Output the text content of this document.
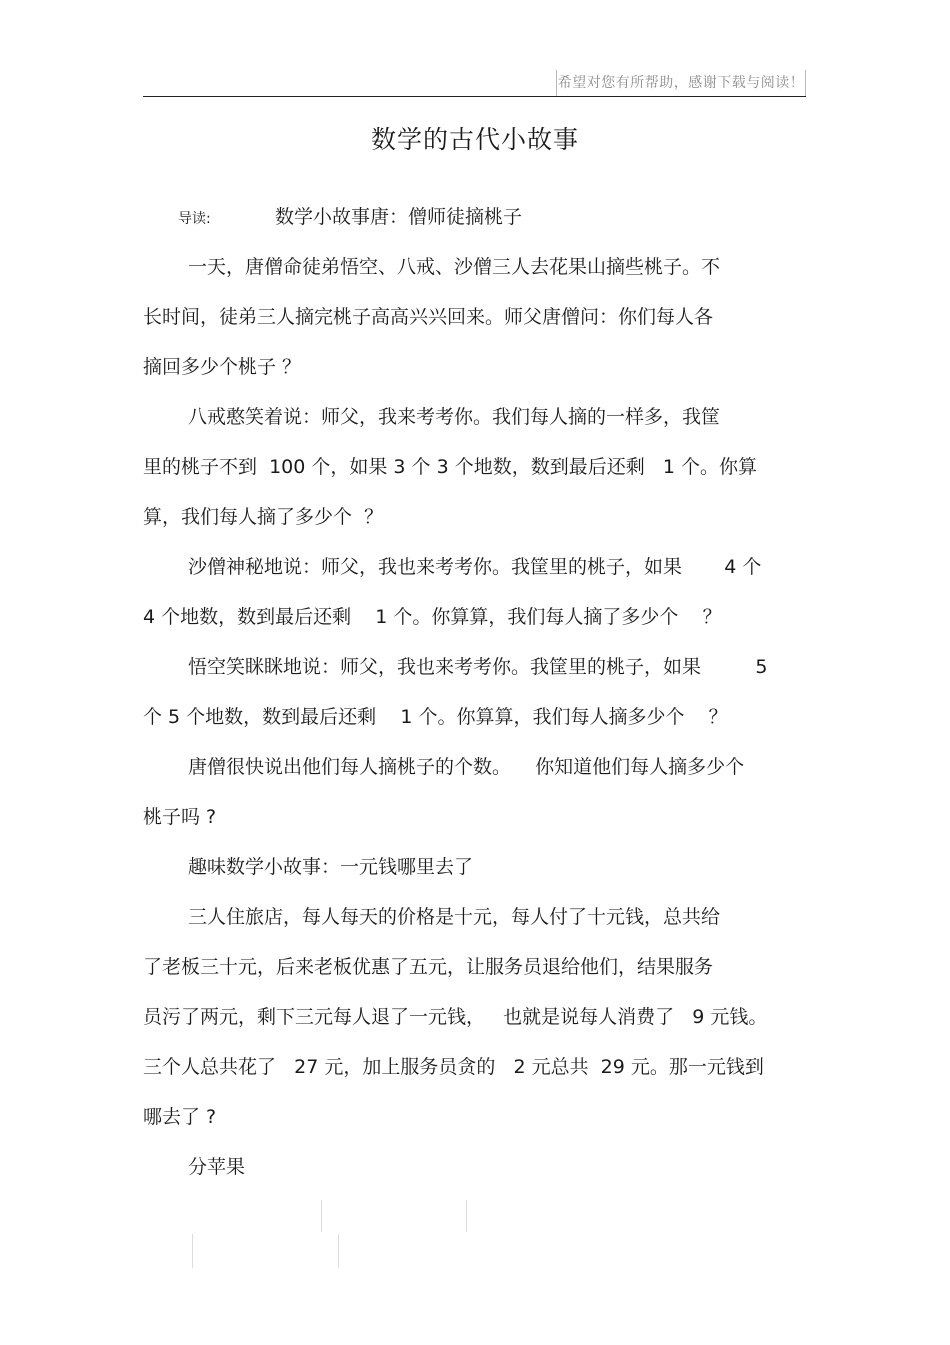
希望对您有所帮助，感谢下载与阅读！
数学的古代小故事
导读:	数学小故事唐：僧师徒摘桃子
一天，唐僧命徒弟悟空、八戒、沙僧三人去花果山摘些桃子。不
长时间，徒弟三人摘完桃子高高兴兴回来。师父唐僧问：你们每人各
摘回多少个桃子 ？
八戒憨笑着说：师父，我来考考你。我们每人摘的一样多，我筐
里的桃子不到  100 个，如果 3 个 3 个地数，数到最后还剩   1 个。你算
算，我们每人摘了多少个  ？
沙僧神秘地说：师父，我也来考考你。我筐里的桃子，如果       4 个
4 个地数，数到最后还剩    1 个。你算算，我们每人摘了多少个    ？
悟空笑眯眯地说：师父，我也来考考你。我筐里的桃子，如果         5
个 5 个地数，数到最后还剩    1 个。你算算，我们每人摘多少个    ？
唐僧很快说出他们每人摘桃子的个数。    你知道他们每人摘多少个
桃子吗 ?
趣味数学小故事：一元钱哪里去了
三人住旅店，每人每天的价格是十元，每人付了十元钱，总共给
了老板三十元，后来老板优惠了五元，让服务员退给他们，结果服务
员污了两元，剩下三元每人退了一元钱，   也就是说每人消费了   9 元钱。
三个人总共花了   27 元，加上服务员贪的   2 元总共  29 元。那一元钱到
哪去了 ?
分苹果
